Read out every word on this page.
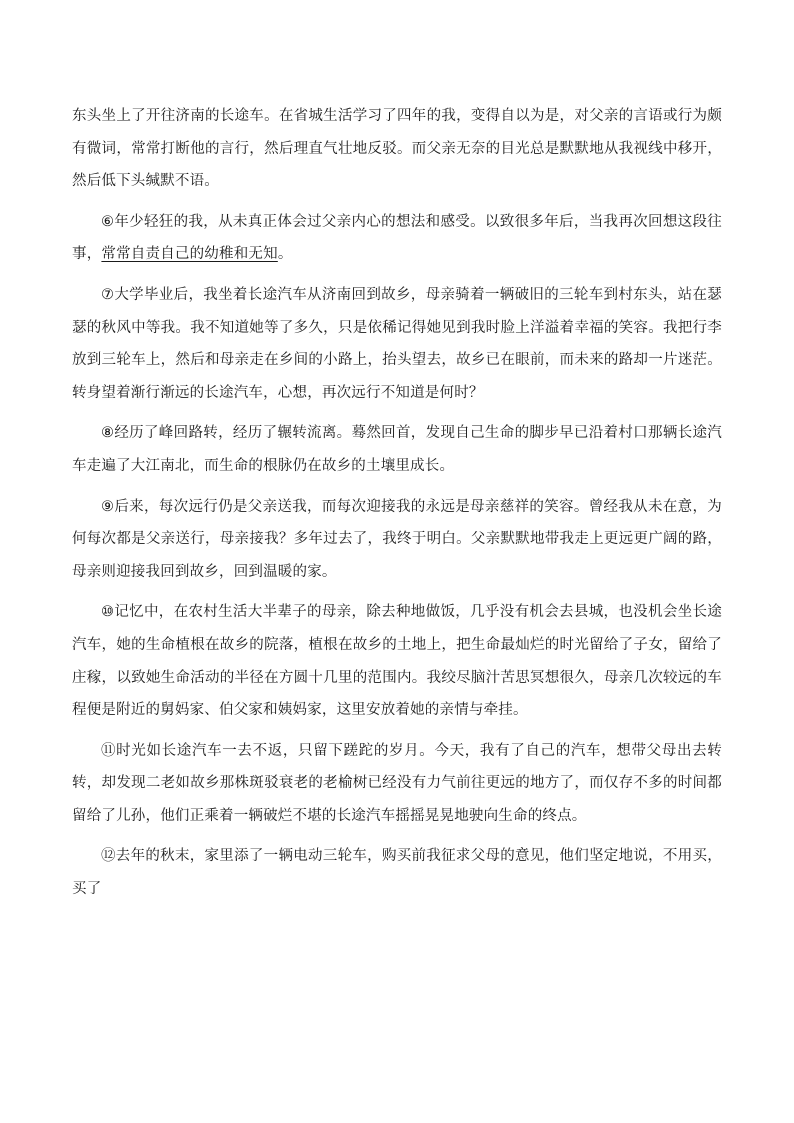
东头坐上了开往济南的长途车。在省城生活学习了四年的我，变得自以为是，对父亲的言语或行为颇有微词，常常打断他的言行，然后理直气壮地反驳。而父亲无奈的目光总是默默地从我视线中移开，然后低下头缄默不语。

⑥年少轻狂的我，从未真正体会过父亲内心的想法和感受。以致很多年后，当我再次回想这段往事，常常自责自己的幼稚和无知。

⑦大学毕业后，我坐着长途汽车从济南回到故乡，母亲骑着一辆破旧的三轮车到村东头，站在瑟瑟的秋风中等我。我不知道她等了多久，只是依稀记得她见到我时脸上洋溢着幸福的笑容。我把行李放到三轮车上，然后和母亲走在乡间的小路上，抬头望去，故乡已在眼前，而未来的路却一片迷茫。转身望着渐行渐远的长途汽车，心想，再次远行不知道是何时？

⑧经历了峰回路转，经历了辗转流离。蓦然回首，发现自己生命的脚步早已沿着村口那辆长途汽车走遍了大江南北，而生命的根脉仍在故乡的土壤里成长。

⑨后来，每次远行仍是父亲送我，而每次迎接我的永远是母亲慈祥的笑容。曾经我从未在意，为何每次都是父亲送行，母亲接我？多年过去了，我终于明白。父亲默默地带我走上更远更广阔的路，母亲则迎接我回到故乡，回到温暖的家。

⑩记忆中，在农村生活大半辈子的母亲，除去种地做饭，几乎没有机会去县城，也没机会坐长途汽车，她的生命植根在故乡的院落，植根在故乡的土地上，把生命最灿烂的时光留给了子女，留给了庄稼，以致她生命活动的半径在方圆十几里的范围内。我绞尽脑汁苦思冥想很久，母亲几次较远的车程便是附近的舅妈家、伯父家和姨妈家，这里安放着她的亲情与牵挂。

⑪时光如长途汽车一去不返，只留下蹉跎的岁月。今天，我有了自己的汽车，想带父母出去转转，却发现二老如故乡那株斑驳衰老的老榆树已经没有力气前往更远的地方了，而仅存不多的时间都留给了儿孙，他们正乘着一辆破烂不堪的长途汽车摇摇晃晃地驶向生命的终点。

⑫去年的秋末，家里添了一辆电动三轮车，购买前我征求父母的意见，他们坚定地说，不用买，买了
